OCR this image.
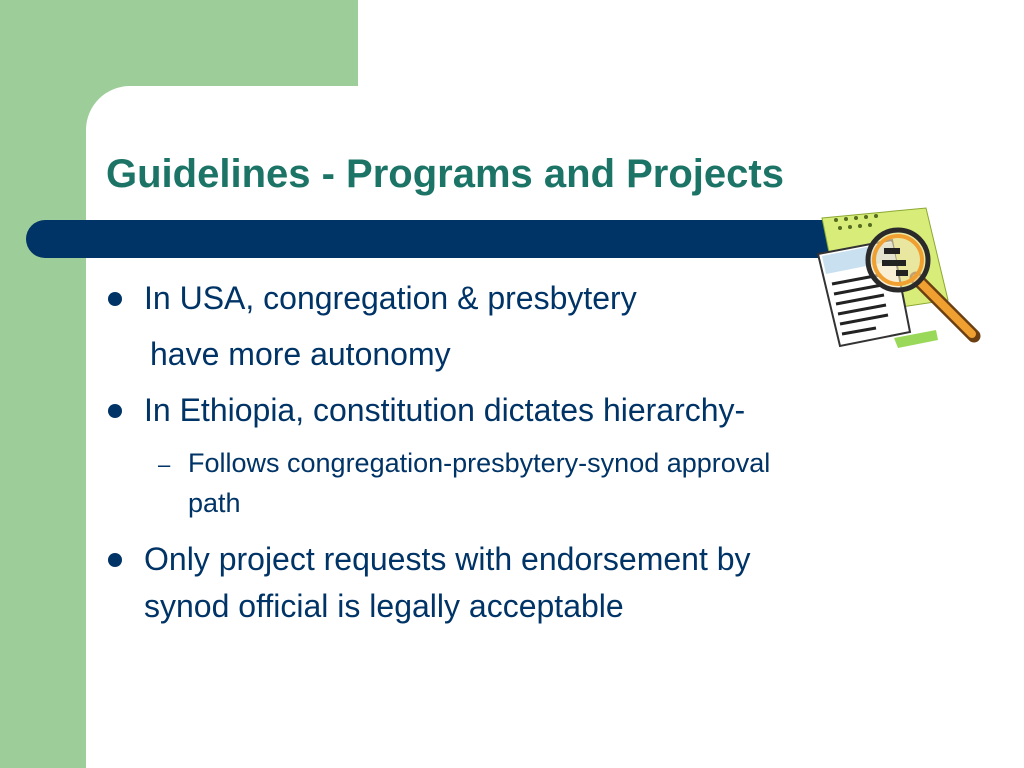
Guidelines - Programs and Projects
In USA, congregation & presbytery
have more autonomy
In Ethiopia, constitution dictates hierarchy-
– Follows congregation-presbytery-synod approval
path
Only project requests with endorsement by
synod official is legally acceptable
